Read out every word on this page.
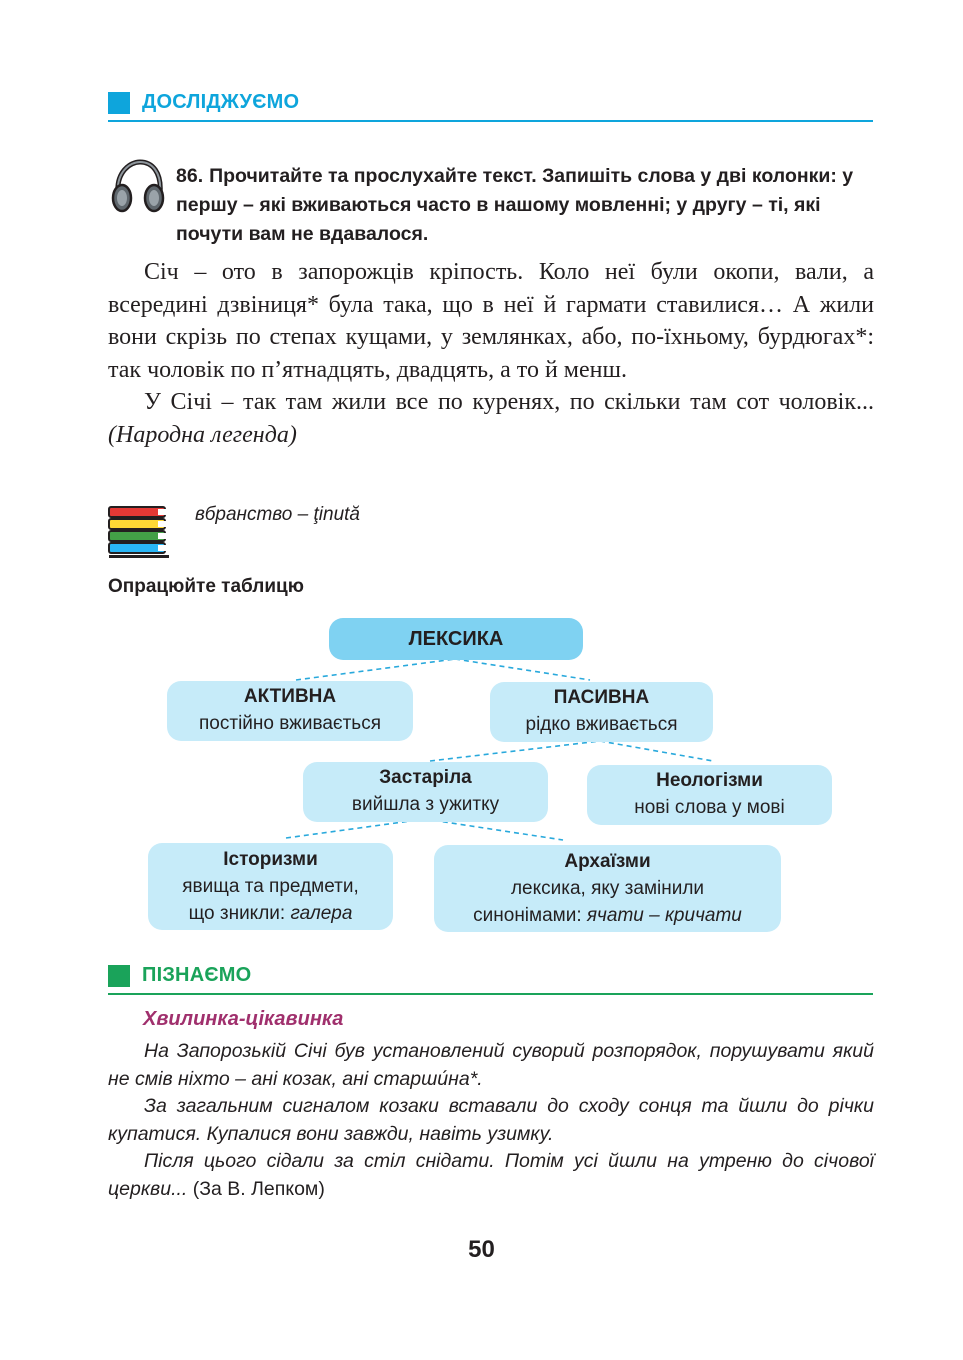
ДОСЛІДЖУЄМО
86. Прочитайте та прослухайте текст. Запишіть слова у дві колонки: у першу – які вживаються часто в нашому мовленні; у другу – ті, які почути вам не вдавалося.

Січ – ото в запорожців кріпость. Коло неї були окопи, вали, а всередині дзвіниця* була така, що в неї й гармати ставилися… А жили вони скрізь по степах кущами, у землянках, або, по-їхньому, бурдюгах*: так чоловік по п’ятнадцять, двадцять, а то й менш.

У Січі – так там жили все по куренях, по скільки там сот чоловік... (Народна легенда)

вбранство – ţinută
Опрацюйте таблицю
ЛЕКСИКА
АКТИВНА
постійно вживається
ПАСИВНА
рідко вживається
Застаріла
вийшла з ужитку
Неологізми
нові слова у мові
Історизми
явища та предмети,
що зникли: галера
Архаїзми
лексика, яку замінили
синонімами: ячати – кричати
ПІЗНАЄМО
Хвилинка-цікавинка

На Запорозькій Січі був установлений суворий розпорядок, порушувати який не смів ніхто – ані козак, ані старши́на*.

За загальним сигналом козаки вставали до сходу сонця та йшли до річки купатися. Купалися вони завжди, навіть узимку.

Після цього сідали за стіл снідати. Потім усі йшли на утреню до січової церкви... (За В. Лепком)

50
